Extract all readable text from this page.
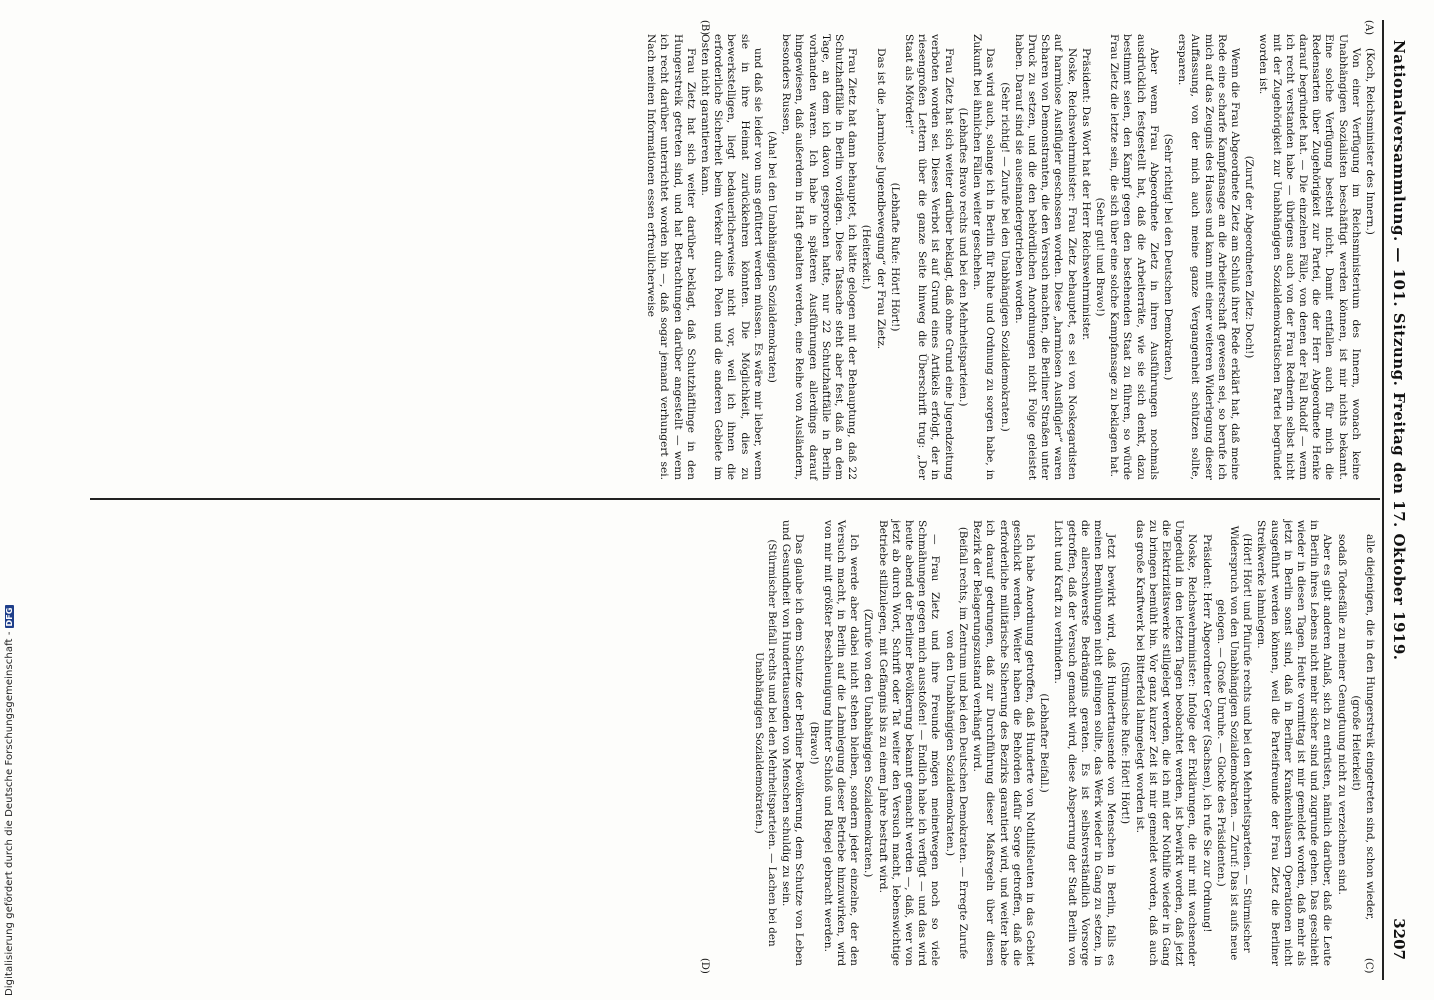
Digitalisierung gefördert durch die Deutsche Forschungsgemeinschaft -DFG	Nationalversammlung. — 101. Sitzung. Freitag den 17. Oktober 1919.
3207
(A)
(B)
(C)
(D)
(Koch, Reichsminister des Innern.)
Von einer Verfügung im Reichsministerium des Innern, wonach keine Unabhängigen Sozialisten beschäftigt werden können, ist mir nichts bekannt. Eine solche Verfügung besteht nicht. Damit entfallen auch für mich die Redensarten über Zugehörigkeit zur Partei, die der Herr Abgeordnete Henke darauf begründet hat. — Die einzelnen Fälle, von denen der Fall Rudolf — wenn ich recht verstanden habe — übrigens auch von der Frau Rednerin selbst nicht mit der Zugehörigkeit zur Unabhängigen Sozialdemokratischen Partei begründet worden ist.
(Zuruf der Abgeordneten Zietz: Doch!)
Wenn die Frau Abgeordnete Zietz am Schluß ihrer Rede erklärt hat, daß meine Rede eine scharfe Kampfansage an die Arbeiterschaft gewesen sei, so berufe ich mich auf das Zeugnis des Hauses und kann mit einer weiteren Widerlegung dieser Auffassung, von der mich auch meine ganze Vergangenheit schützen sollte, ersparen.
(Sehr richtig! bei den Deutschen Demokraten.)
Aber wenn Frau Abgeordnete Zietz in ihren Ausführungen nochmals ausdrücklich festgestellt hat, daß die Arbeiterräte, wie sie sich denkt, dazu bestimmt seien, den Kampf gegen den bestehenden Staat zu führen, so würde Frau Zietz die letzte sein, die sich über eine solche Kampfansage zu beklagen hat.
(Sehr gut! und Bravo!)
Präsident: Das Wort hat der Herr Reichswehrminister.
Noske, Reichswehrminister: Frau Zietz behauptet, es sei von Noskegardisten auf harmlose Ausflügler geschossen worden. Diese „harmlosen Ausflügler“ waren Scharen von Demonstranten, die den Versuch machten, die Berliner Straßen unter Druck zu setzen, und die den behördlichen Anordnungen nicht Folge geleistet haben. Darauf sind sie auseinandergetrieben worden.
(Sehr richtig! — Zurufe bei den Unabhängigen Sozialdemokraten.)
Das wird auch, solange ich in Berlin für Ruhe und Ordnung zu sorgen habe, in Zukunft bei ähnlichen Fällen weiter geschehen.
(Lebhaftes Bravo rechts und bei den Mehrheitsparteien.)
Frau Zietz hat sich weiter darüber beklagt, daß ohne Grund eine Jugendzeitung verboten worden sei. Dieses Verbot ist auf Grund eines Artikels erfolgt, der in riesengroßen Lettern über die ganze Seite hinweg die Überschrift trug: „Der Staat als Mörder!“
(Lebhafte Rufe: Hört! Hört!)
Das ist die „harmlose Jugendbewegung“ der Frau Zietz.
(Heiterkeit.)
Frau Zietz hat dann behauptet, ich hätte gelogen mit der Behauptung, daß 22 Schutzhaftfälle in Berlin vorlägen. Diese Tatsache steht aber fest, daß an dem Tage, an dem ich davon gesprochen hatte, nur 22 Schutzhaftfälle in Berlin vorhanden waren. Ich habe in späteren Ausführungen allerdings darauf hingewiesen, daß außerdem in Haft gehalten werden, eine Reihe von Ausländern, besonders Russen,
(Aha! bei den Unabhängigen Sozialdemokraten)
und daß sie leider von uns gefüttert werden müssen. Es wäre mir lieber, wenn sie in ihre Heimat zurückkehren könnten. Die Möglichkeit, dies zu bewerkstelligen, liegt bedauerlicherweise nicht vor, weil ich ihnen die erforderliche Sicherheit beim Verkehr durch Polen und die anderen Gebiete im Osten nicht garantieren kann.
Frau Zietz hat sich weiter darüber beklagt, daß Schutzhäftlinge in den Hungerstreik getreten sind, und hat Betrachtungen darüber angestellt — wenn ich recht darüber unterrichtet worden bin —, daß sogar jemand verhungert sei. Nach meinen Informationen essen erfreulicherweise
alle diejenigen, die in den Hungerstreik eingetreten sind, schon wieder,
(große Heiterkeit)
sodaß Todesfälle zu meiner Genugtuung nicht zu verzeichnen sind.
Aber es gibt anderen Anlaß, sich zu entrüsten, nämlich darüber, daß die Leute in Berlin ihres Lebens nicht mehr sicher sind und zugrunde gehen. Das geschieht wieder in diesen Tagen. Heute vormittag ist mir gemeldet worden, daß mehr als jetzt in Berlin sonst sind, daß in Berliner Krankenhäusern Operationen nicht ausgeführt werden können, weil die Parteifreunde der Frau Zietz die Berliner Streikwerke lahmlegen.
(Hört! Hört! und Pfuirufe rechts und bei den Mehrheitsparteien. — Stürmischer Widerspruch von den Unabhängigen Sozialdemokraten. — Zuruf: Das ist aufs neue gelogen. — Große Unruhe. — Glocke des Präsidenten.)
Präsident: Herr Abgeordneter Geyer (Sachsen), ich rufe Sie zur Ordnung!
Noske, Reichswehrminister: Infolge der Erklärungen, die mir mit wachsender Ungeduld in den letzten Tagen beobachtet werden, ist bewirkt worden, daß jetzt die Elektrizitätswerke stillgelegt werden, die ich mit der Nothilfe wieder in Gang zu bringen bemüht bin. Vor ganz kurzer Zeit ist mir gemeldet worden, daß auch das große Kraftwerk bei Bitterfeld lahmgelegt worden ist.
(Stürmische Rufe: Hört! Hört!)
Jetzt bewirkt wird, daß Hunderttausende von Menschen in Berlin, falls es meinen Bemühungen nicht gelingen sollte, das Werk wieder in Gang zu setzen, in die allerschwerste Bedrängnis geraten. Es ist selbstverständlich Vorsorge getroffen, daß der Versuch gemacht wird, diese Absperrung der Stadt Berlin von Licht und Kraft zu verhindern.
(Lebhafter Beifall.)
Ich habe Anordnung getroffen, daß Hunderte von Nothilfsleuten in das Gebiet geschickt werden. Weiter haben die Behörden dafür Sorge getroffen, daß die erforderliche militärische Sicherung des Bezirks garantiert wird, und weiter habe ich darauf gedrungen, daß zur Durchführung dieser Maßregeln über diesen Bezirk der Belagerungszustand verhängt wird.
(Beifall rechts, im Zentrum und bei den Deutschen Demokraten. — Erregte Zurufe von den Unabhängigen Sozialdemokraten.)
— Frau Zietz und ihre Freunde mögen meinetwegen noch so viele Schmähungen gegen mich ausstoßen! — Endlich habe ich verfügt — und das wird heute abend der Berliner Bevölkerung bekannt gemacht werden —, daß, wer von jetzt ab durch Wort, Schrift oder Tat weiter den Versuch macht, lebenswichtige Betriebe stillzulegen, mit Gefängnis bis zu einem Jahre bestraft wird.
(Zurufe von den Unabhängigen Sozialdemokraten.)
Ich werde aber dabei nicht stehen bleiben, sondern jeder einzelne, der den Versuch macht, in Berlin auf die Lahmlegung dieser Betriebe hinzuwirken, wird von mir mit größter Beschleunigung hinter Schloß und Riegel gebracht werden.
(Bravo!)
Das glaube ich dem Schutze der Berliner Bevölkerung, dem Schutze von Leben und Gesundheit von Hunderttausenden von Menschen schuldig zu sein.
(Stürmischer Beifall rechts und bei den Mehrheitsparteien. — Lachen bei den Unabhängigen Sozialdemokraten.)
